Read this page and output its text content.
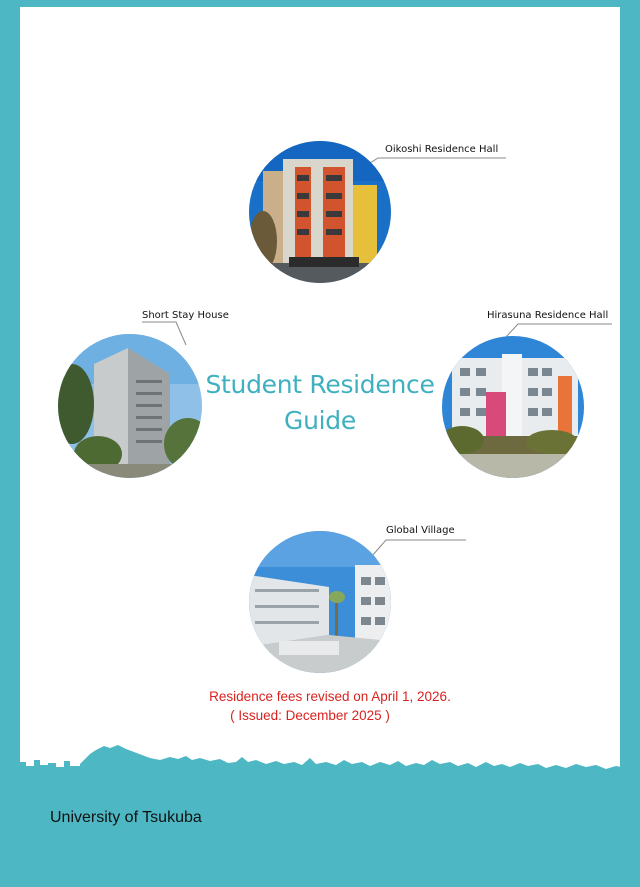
University of Tsukuba
Oikoshi Residence Hall
Short Stay House	Hirasuna Residence Hall
Global Village
Student Residence
Guide
Residence fees revised on April 1, 2026.
( Issued: December 2025 )
